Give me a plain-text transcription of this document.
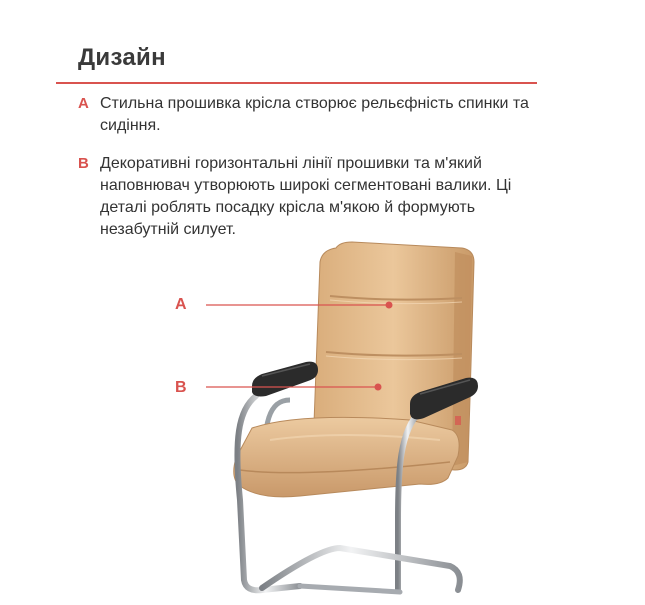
Дизайн
A Стильна прошивка крісла створює рельєфність спинки та сидіння.
B Декоративні горизонтальні лінії прошивки та м'який наповнювач утворюють широкі сегментовані валики. Ці деталі роблять посадку крісла м'якою й формують незабутній силует.
A
B
